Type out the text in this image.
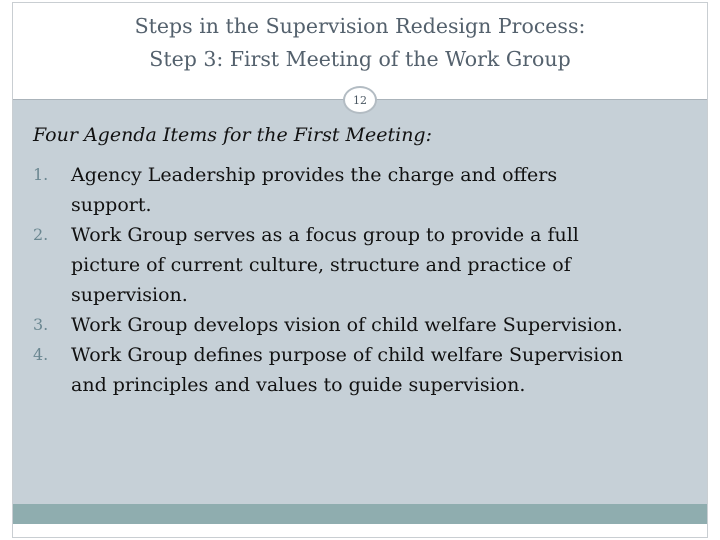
Steps in the Supervision Redesign Process:
Step 3: First Meeting of the Work Group
12
Four Agenda Items for the First Meeting:
1.	Agency Leadership provides the charge and offers
support.
2.	Work Group serves as a focus group to provide a full
picture of current culture, structure and practice of
supervision.
3.	Work Group develops vision of child welfare Supervision.
4.	Work Group defines purpose of child welfare Supervision
and principles and values to guide supervision.
